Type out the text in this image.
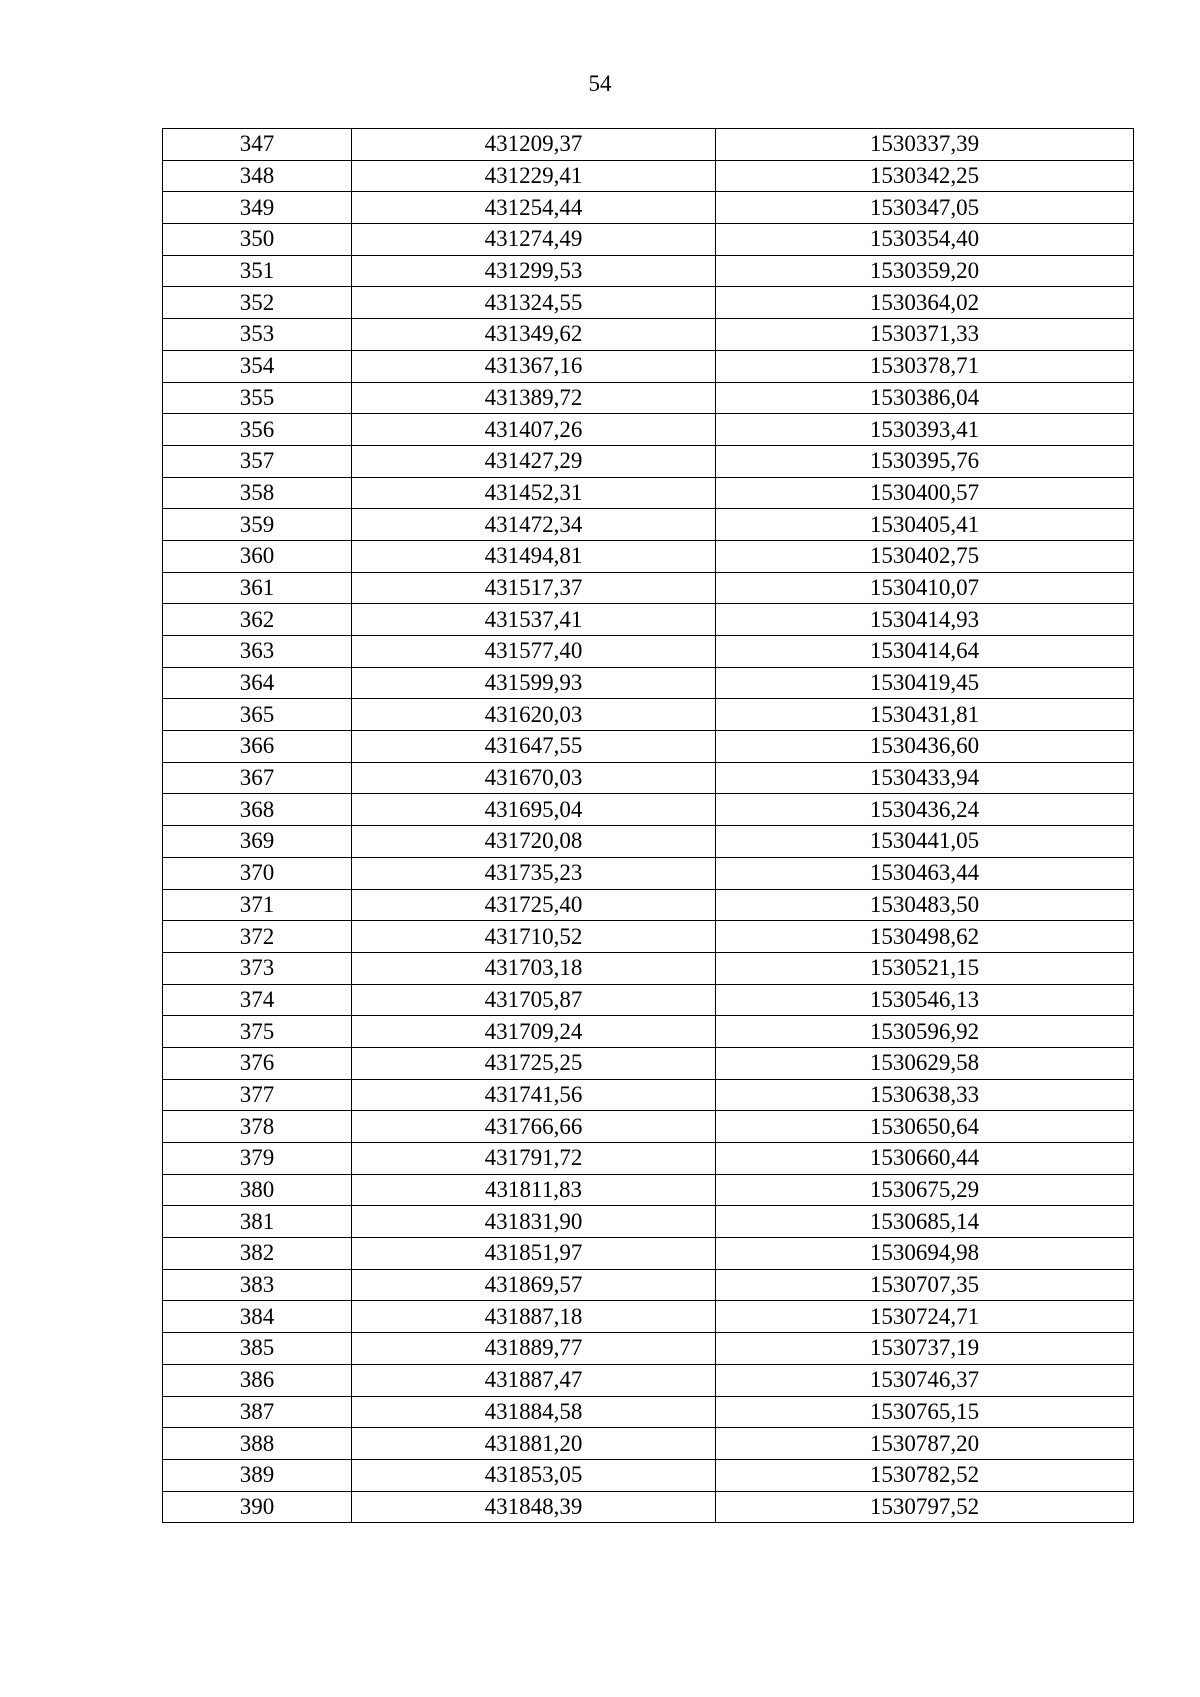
54
347	431209,37	1530337,39
348	431229,41	1530342,25
349	431254,44	1530347,05
350	431274,49	1530354,40
351	431299,53	1530359,20
352	431324,55	1530364,02
353	431349,62	1530371,33
354	431367,16	1530378,71
355	431389,72	1530386,04
356	431407,26	1530393,41
357	431427,29	1530395,76
358	431452,31	1530400,57
359	431472,34	1530405,41
360	431494,81	1530402,75
361	431517,37	1530410,07
362	431537,41	1530414,93
363	431577,40	1530414,64
364	431599,93	1530419,45
365	431620,03	1530431,81
366	431647,55	1530436,60
367	431670,03	1530433,94
368	431695,04	1530436,24
369	431720,08	1530441,05
370	431735,23	1530463,44
371	431725,40	1530483,50
372	431710,52	1530498,62
373	431703,18	1530521,15
374	431705,87	1530546,13
375	431709,24	1530596,92
376	431725,25	1530629,58
377	431741,56	1530638,33
378	431766,66	1530650,64
379	431791,72	1530660,44
380	431811,83	1530675,29
381	431831,90	1530685,14
382	431851,97	1530694,98
383	431869,57	1530707,35
384	431887,18	1530724,71
385	431889,77	1530737,19
386	431887,47	1530746,37
387	431884,58	1530765,15
388	431881,20	1530787,20
389	431853,05	1530782,52
390	431848,39	1530797,52
